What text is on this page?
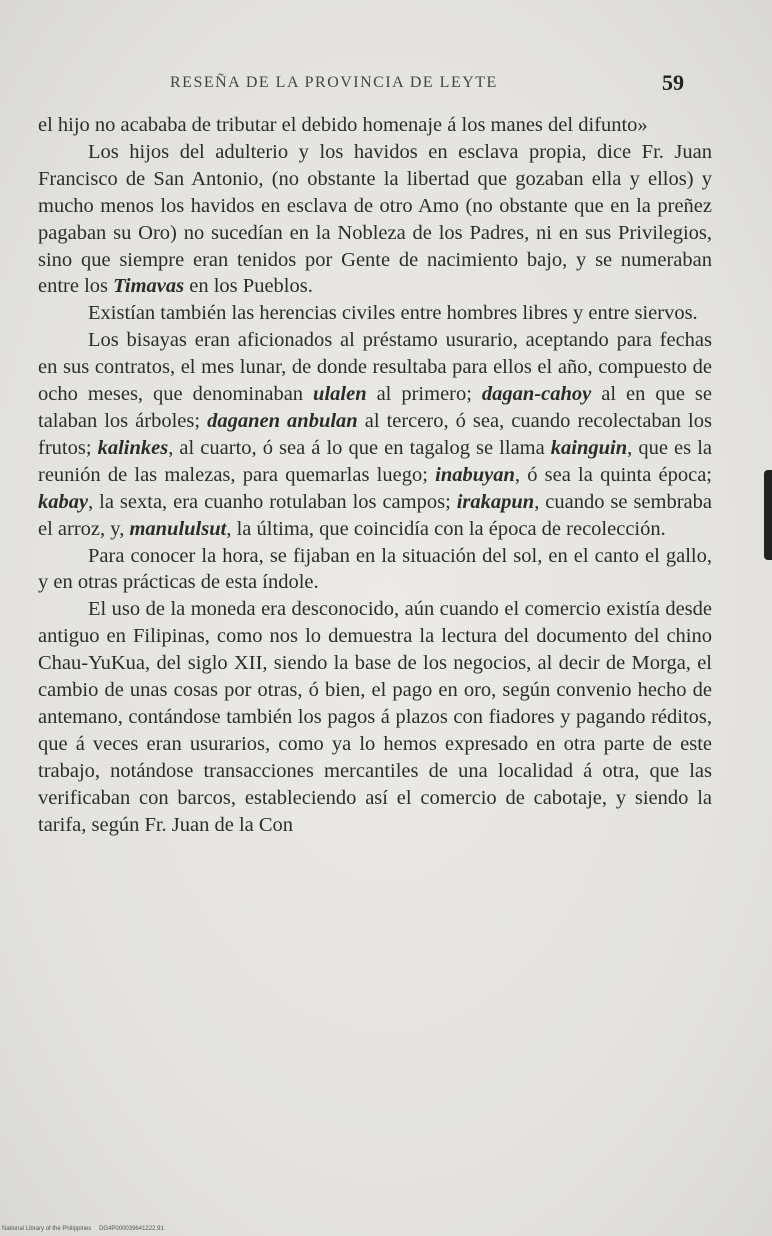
RESEÑA DE LA PROVINCIA DE LEYTE	59

el hijo no acababa de tributar el debido homenaje á los manes del difunto»

Los hijos del adulterio y los havidos en esclava propia, dice Fr. Juan Francisco de San Antonio, (no obstante la libertad que gozaban ella y ellos) y mucho menos los havidos en esclava de otro Amo (no obstante que en la preñez pagaban su Oro) no sucedían en la Nobleza de los Padres, ni en sus Privilegios, sino que siempre eran tenidos por Gente de nacimiento bajo, y se numeraban entre los Timavas en los Pueblos.

Existían también las herencias civiles entre hombres libres y entre siervos.

Los bisayas eran aficionados al préstamo usurario, aceptando para fechas en sus contratos, el mes lunar, de donde resultaba para ellos el año, compuesto de ocho meses, que denominaban ulalen al primero; dagan-cahoy al en que se talaban los árboles; daganen anbulan al tercero, ó sea, cuando recolectaban los frutos; kalinkes, al cuarto, ó sea á lo que en tagalog se llama kainguin, que es la reunión de las malezas, para quemarlas luego; inabuyan, ó sea la quinta época; kabay, la sexta, era cuanho rotulaban los campos; irakapun, cuando se sembraba el arroz, y, manululsut, la última, que coincidía con la época de recolección.

Para conocer la hora, se fijaban en la situación del sol, en el canto el gallo, y en otras prácticas de esta índole.

El uso de la moneda era desconocido, aún cuando el comercio existía desde antiguo en Filipinas, como nos lo demuestra la lectura del documento del chino Chau-YuKua, del siglo XII, siendo la base de los negocios, al decir de Morga, el cambio de unas cosas por otras, ó bien, el pago en oro, según convenio hecho de antemano, contándose también los pagos á plazos con fiadores y pagando réditos, que á veces eran usurarios, como ya lo hemos expresado en otra parte de este trabajo, notándose transacciones mercantiles de una localidad á otra, que las verificaban con barcos, estableciendo así el comercio de cabotaje, y siendo la tarifa, según Fr. Juan de la Con

National Library of the Philippines DG4P000039641222.91
